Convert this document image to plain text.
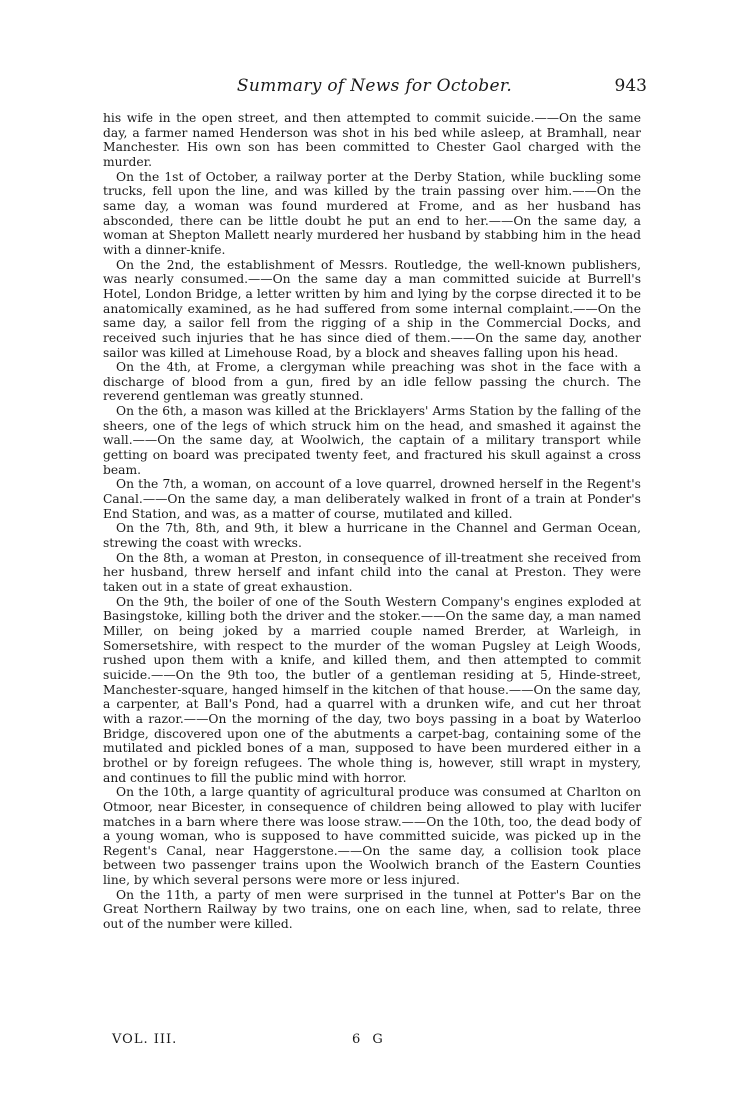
Summary of News for October.	943

his wife in the open street, and then attempted to commit suicide.——On the same day, a farmer named Henderson was shot in his bed while asleep, at Bramhall, near Manchester. His own son has been committed to Chester Gaol charged with the murder.

On the 1st of October, a railway porter at the Derby Station, while buckling some trucks, fell upon the line, and was killed by the train passing over him.——On the same day, a woman was found murdered at Frome, and as her husband has absconded, there can be little doubt he put an end to her.——On the same day, a woman at Shepton Mallett nearly murdered her husband by stabbing him in the head with a dinner-knife.

On the 2nd, the establishment of Messrs. Routledge, the well-known publishers, was nearly consumed.——On the same day a man committed suicide at Burrell's Hotel, London Bridge, a letter written by him and lying by the corpse directed it to be anatomically examined, as he had suffered from some internal complaint.——On the same day, a sailor fell from the rigging of a ship in the Commercial Docks, and received such injuries that he has since died of them.——On the same day, another sailor was killed at Limehouse Road, by a block and sheaves falling upon his head.

On the 4th, at Frome, a clergyman while preaching was shot in the face with a discharge of blood from a gun, fired by an idle fellow passing the church. The reverend gentleman was greatly stunned.

On the 6th, a mason was killed at the Bricklayers' Arms Station by the falling of the sheers, one of the legs of which struck him on the head, and smashed it against the wall.——On the same day, at Woolwich, the captain of a military transport while getting on board was precipated twenty feet, and fractured his skull against a cross beam.

On the 7th, a woman, on account of a love quarrel, drowned herself in the Regent's Canal.——On the same day, a man deliberately walked in front of a train at Ponder's End Station, and was, as a matter of course, mutilated and killed.

On the 7th, 8th, and 9th, it blew a hurricane in the Channel and German Ocean, strewing the coast with wrecks.

On the 8th, a woman at Preston, in consequence of ill-treatment she received from her husband, threw herself and infant child into the canal at Preston. They were taken out in a state of great exhaustion.

On the 9th, the boiler of one of the South Western Company's engines exploded at Basingstoke, killing both the driver and the stoker.——On the same day, a man named Miller, on being joked by a married couple named Brerder, at Warleigh, in Somersetshire, with respect to the murder of the woman Pugsley at Leigh Woods, rushed upon them with a knife, and killed them, and then attempted to commit suicide.——On the 9th too, the butler of a gentleman residing at 5, Hinde-street, Manchester-square, hanged himself in the kitchen of that house.——On the same day, a carpenter, at Ball's Pond, had a quarrel with a drunken wife, and cut her throat with a razor.——On the morning of the day, two boys passing in a boat by Waterloo Bridge, discovered upon one of the abutments a carpet-bag, containing some of the mutilated and pickled bones of a man, supposed to have been murdered either in a brothel or by foreign refugees. The whole thing is, however, still wrapt in mystery, and continues to fill the public mind with horror.

On the 10th, a large quantity of agricultural produce was consumed at Charlton on Otmoor, near Bicester, in consequence of children being allowed to play with lucifer matches in a barn where there was loose straw.——On the 10th, too, the dead body of a young woman, who is supposed to have committed suicide, was picked up in the Regent's Canal, near Haggerstone.——On the same day, a collision took place between two passenger trains upon the Woolwich branch of the Eastern Counties line, by which several persons were more or less injured.

On the 11th, a party of men were surprised in the tunnel at Potter's Bar on the Great Northern Railway by two trains, one on each line, when, sad to relate, three out of the number were killed.

VOL. III.	6 G
